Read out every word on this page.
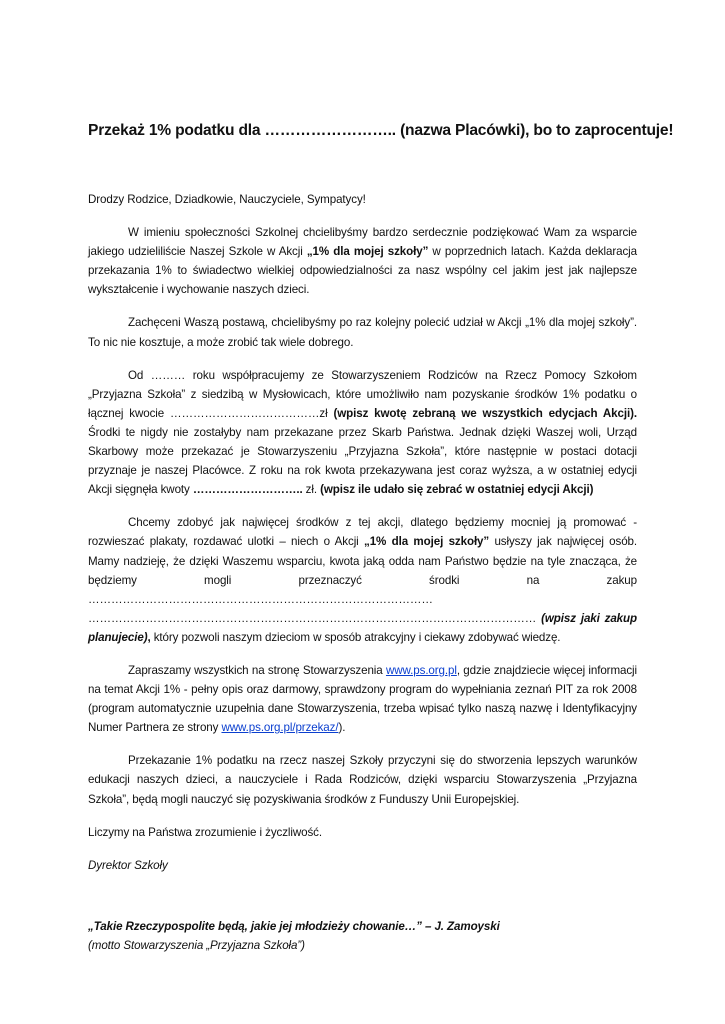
Przekaż 1% podatku dla …………………….. (nazwa Placówki), bo to zaprocentuje!

Drodzy Rodzice, Dziadkowie, Nauczyciele, Sympatycy!

W imieniu społeczności Szkolnej chcielibyśmy bardzo serdecznie podziękować Wam za wsparcie jakiego udzieliliście Naszej Szkole w Akcji „1% dla mojej szkoły” w poprzednich latach. Każda deklaracja przekazania 1% to świadectwo wielkiej odpowiedzialności za nasz wspólny cel jakim jest jak najlepsze wykształcenie i wychowanie naszych dzieci.

Zachęceni Waszą postawą, chcielibyśmy po raz kolejny polecić udział w Akcji „1% dla mojej szkoły”. To nic nie kosztuje, a może zrobić tak wiele dobrego.

Od ……… roku współpracujemy ze Stowarzyszeniem Rodziców na Rzecz Pomocy Szkołom „Przyjazna Szkoła” z siedzibą w Mysłowicach, które umożliwiło nam pozyskanie środków 1% podatku o łącznej kwocie …………………………………zł (wpisz kwotę zebraną we wszystkich edycjach Akcji). Środki te nigdy nie zostałyby nam przekazane przez Skarb Państwa. Jednak dzięki Waszej woli, Urząd Skarbowy może przekazać je Stowarzyszeniu „Przyjazna Szkoła”, które następnie w postaci dotacji przyznaje je naszej Placówce. Z roku na rok kwota przekazywana jest coraz wyższa, a w ostatniej edycji Akcji sięgnęła kwoty ……………………….. zł. (wpisz ile udało się zebrać w ostatniej edycji Akcji)

Chcemy zdobyć jak najwięcej środków z tej akcji, dlatego będziemy mocniej ją promować - rozwieszać plakaty, rozdawać ulotki – niech o Akcji „1% dla mojej szkoły” usłyszy jak najwięcej osób. Mamy nadzieję, że dzięki Waszemu wsparciu, kwota jaką odda nam Państwo będzie na tyle znacząca, że będziemy mogli przeznaczyć środki na zakup ……………………………………………………………………………… ……………………………………………………………………………………………………… (wpisz jaki zakup planujecie), który pozwoli naszym dzieciom w sposób atrakcyjny i ciekawy zdobywać wiedzę.

Zapraszamy wszystkich na stronę Stowarzyszenia www.ps.org.pl, gdzie znajdziecie więcej informacji na temat Akcji 1% - pełny opis oraz darmowy, sprawdzony program do wypełniania zeznań PIT za rok 2008 (program automatycznie uzupełnia dane Stowarzyszenia, trzeba wpisać tylko naszą nazwę i Identyfikacyjny Numer Partnera ze strony www.ps.org.pl/przekaz/).

Przekazanie 1% podatku na rzecz naszej Szkoły przyczyni się do stworzenia lepszych warunków edukacji naszych dzieci, a nauczyciele i Rada Rodziców, dzięki wsparciu Stowarzyszenia „Przyjazna Szkoła”, będą mogli nauczyć się pozyskiwania środków z Funduszy Unii Europejskiej.

Liczymy na Państwa zrozumienie i życzliwość.

Dyrektor Szkoły

„Takie Rzeczypospolite będą, jakie jej młodzieży chowanie…” – J. Zamoyski

(motto Stowarzyszenia „Przyjazna Szkoła”)
